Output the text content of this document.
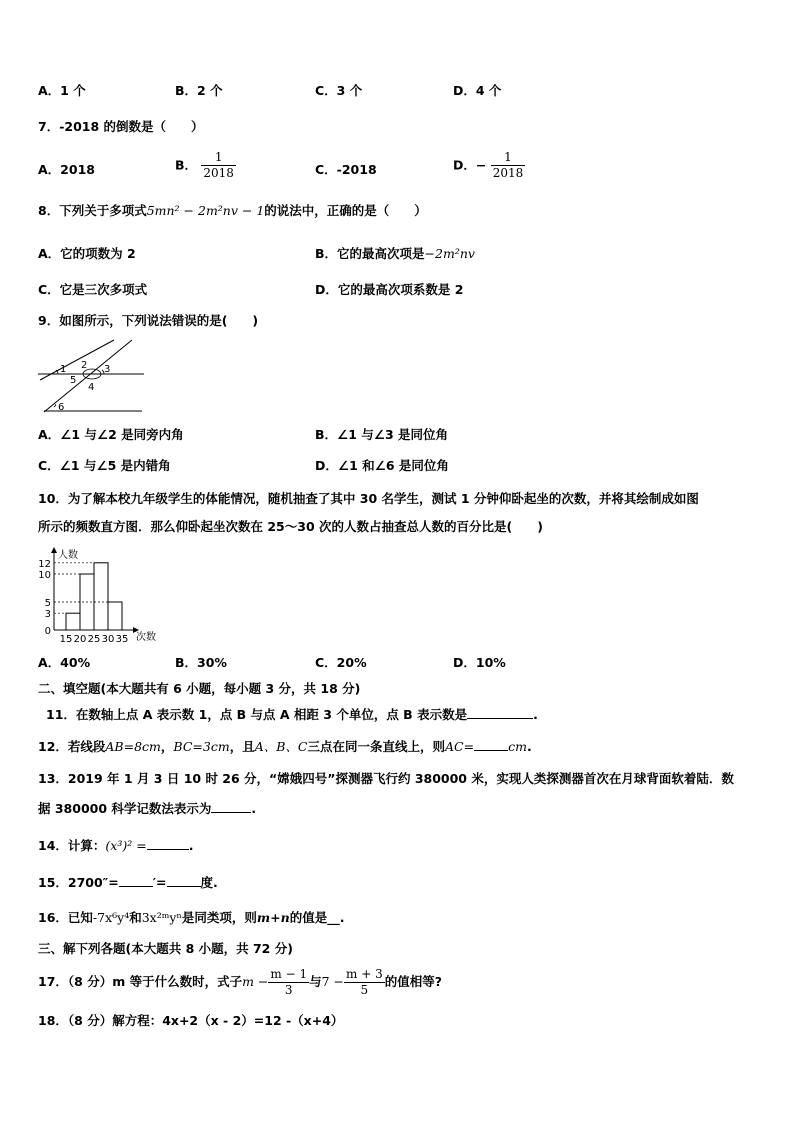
A．1 个	B．2 个	C．3 个	D．4 个
7．-2018 的倒数是（　　）
A．2018	B． $\frac{1}{2018}$	C．-2018	D．− $\frac{1}{2018}$
8．下列关于多项式5mn² − 2m²nv − 1的说法中，正确的是（　　）
A．它的项数为 2	B．它的最高次项是−2m²nv
C．它是三次多项式	D．它的最高次项系数是 2
9．如图所示，下列说法错误的是(　　)
1 2 3
5
4
6
A．∠1 与∠2 是同旁内角	B．∠1 与∠3 是同位角
C．∠1 与∠5 是内错角	D．∠1 和∠6 是同位角
10．为了解本校九年级学生的体能情况，随机抽查了其中 30 名学生，测试 1 分钟仰卧起坐的次数，并将其绘制成如图
所示的频数直方图．那么仰卧起坐次数在 25～30 次的人数占抽查总人数的百分比是(　　)
人数
次数
0
3
5
10
12
15 20 25 30 35
A．40%	B．30%	C．20%	D．10%
二、填空题(本大题共有 6 小题，每小题 3 分，共 18 分)
11．在数轴上点 A 表示数 1，点 B 与点 A 相距 3 个单位，点 B 表示数是	.
12．若线段AB=8cm，BC=3cm，且A、B、C三点在同一条直线上，则AC=	cm.
13．2019 年 1 月 3 日 10 时 26 分，“嫦娥四号”探测器飞行约 380000 米，实现人类探测器首次在月球背面软着陆．数
据 380000 科学记数法表示为	.
14．计算：(x³)² =	.
15．2700″=	′=	度.
16．已知-7x⁶y⁴和3x²ᵐyⁿ是同类项，则m+n的值是__.
三、解下列各题(本大题共 8 小题，共 72 分)
17．（8 分）m 等于什么数时，式子$m - \frac{m - 1}{3}$ 与$7 - \frac{m + 3}{5}$ 的值相等?
18．（8 分）解方程：4x+2（x - 2）=12 -（x+4）
